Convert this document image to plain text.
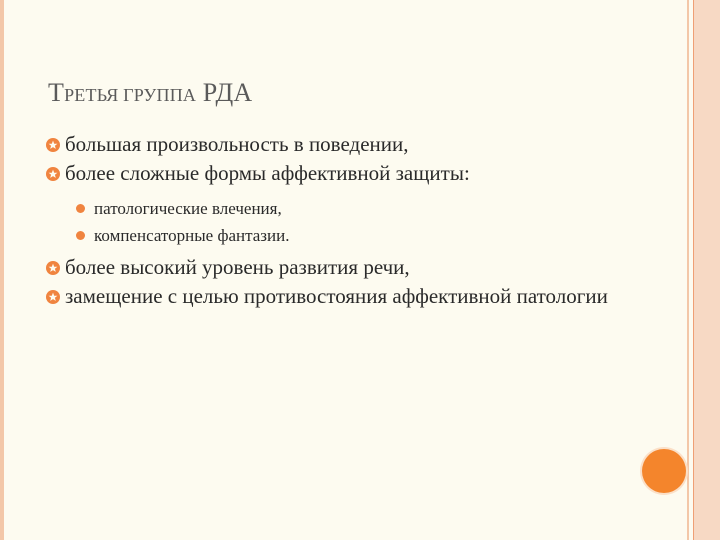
ТРЕТЬЯ ГРУППА РДА
большая произвольность в поведении,
более сложные формы аффективной защиты:
патологические влечения,
компенсаторные фантазии.
более высокий уровень развития речи,
замещение с целью противостояния аффективной патологии
